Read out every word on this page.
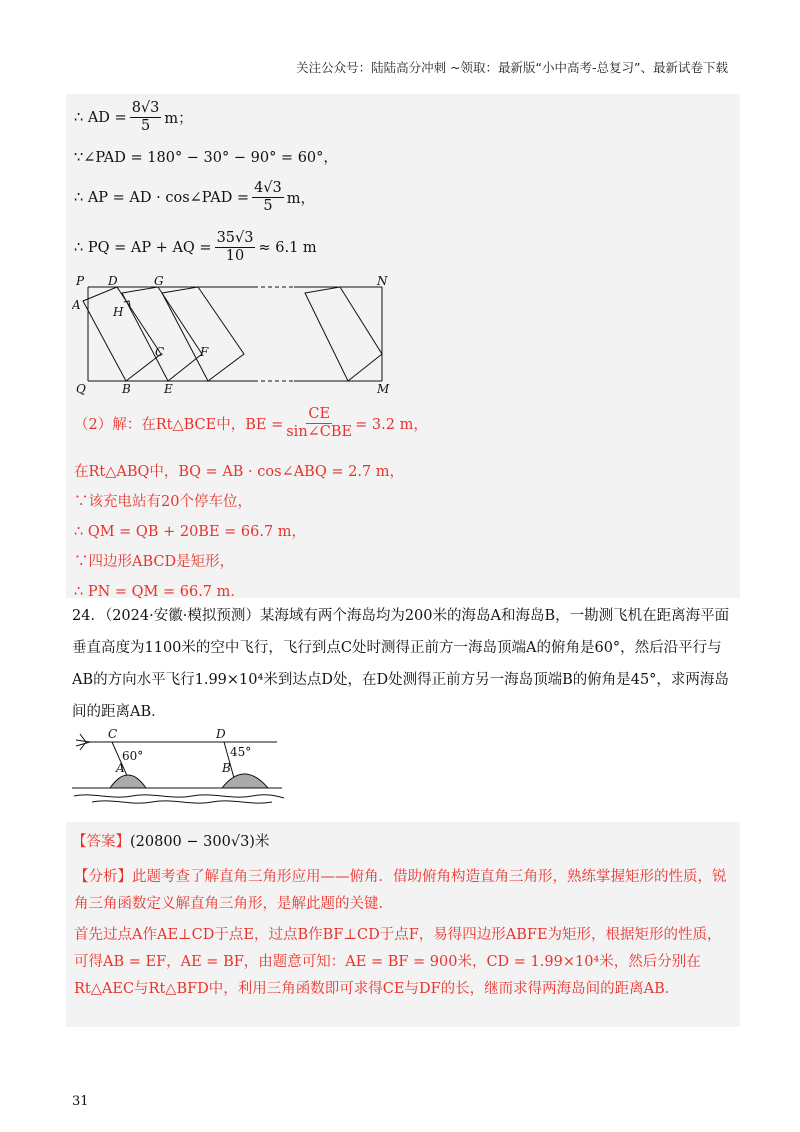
关注公众号：陆陆高分冲刺 ~领取：最新版“小中高考-总复习”、最新试卷下载
∴ AD = $\frac{8√3}{5}$ m；
∵∠PAD = 180° − 30° − 90° = 60°，
∴ AP = AD · cos∠PAD = $\frac{4√3}{5}$ m，
∴ PQ = AP + AQ = $\frac{35√3}{10} \approx 6.1$ m
P D	G	N
A	H
C	F
Q	B	E	M
（2）解：在Rt△BCE中，BE = $\frac{CE}{\text{sin∠CBE}} = 3.2$ m，
在Rt△ABQ中，BQ = AB · cos∠ABQ = 2.7 m，
∵该充电站有20个停车位，
∴ QM = QB + 20BE = 66.7 m，
∵四边形ABCD是矩形，
∴ PN = QM = 66.7 m．
24．（2024·安徽·模拟预测）某海域有两个海岛均为200米的海岛A和海岛B，一勘测飞机在距离海平面垂直高度为1100米的空中飞行，飞行到点C处时测得正前方一海岛顶端A的俯角是60°，然后沿平行与AB的方向水平飞行1.99×10⁴米到达点D处，在D处测得正前方另一海岛顶端B的俯角是45°，求两海岛间的距离AB．
C	D
60°	45°
A	B
【分析】此题考查了解直角三角形应用——俯角．借助俯角构造直角三角形，熟练掌握矩形的性质，锐角三角函数定义解直角三角形，是解此题的关键．
首先过点A作AE⊥CD于点E，过点B作BF⊥CD于点F，易得四边形ABFE为矩形，根据矩形的性质，可得AB = EF，AE = BF，由题意可知：AE = BF = 900米，CD = 1.99×10⁴米，然后分别在Rt△AEC与Rt△BFD中，利用三角函数即可求得CE与DF的长，继而求得两海岛间的距离AB．
【答案】(20800 − 300√3)米
31
